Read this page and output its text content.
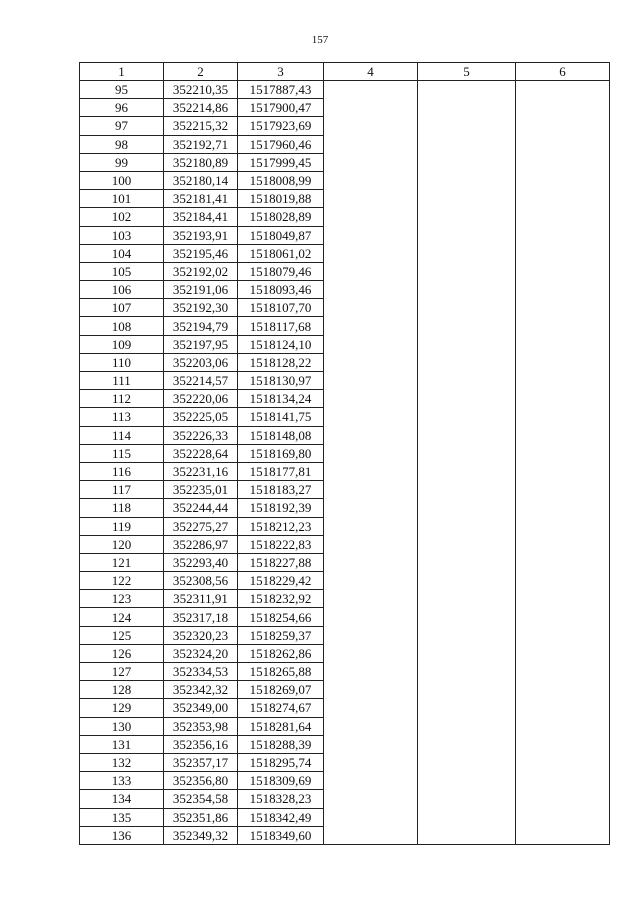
157
1	2	3	4	5	6
95	352210,35	1517887,43			
96	352214,86	1517900,47			
97	352215,32	1517923,69			
98	352192,71	1517960,46			
99	352180,89	1517999,45			
100	352180,14	1518008,99			
101	352181,41	1518019,88			
102	352184,41	1518028,89			
103	352193,91	1518049,87			
104	352195,46	1518061,02			
105	352192,02	1518079,46			
106	352191,06	1518093,46			
107	352192,30	1518107,70			
108	352194,79	1518117,68			
109	352197,95	1518124,10			
110	352203,06	1518128,22			
111	352214,57	1518130,97			
112	352220,06	1518134,24			
113	352225,05	1518141,75			
114	352226,33	1518148,08			
115	352228,64	1518169,80			
116	352231,16	1518177,81			
117	352235,01	1518183,27			
118	352244,44	1518192,39			
119	352275,27	1518212,23			
120	352286,97	1518222,83			
121	352293,40	1518227,88			
122	352308,56	1518229,42			
123	352311,91	1518232,92			
124	352317,18	1518254,66			
125	352320,23	1518259,37			
126	352324,20	1518262,86			
127	352334,53	1518265,88			
128	352342,32	1518269,07			
129	352349,00	1518274,67			
130	352353,98	1518281,64			
131	352356,16	1518288,39			
132	352357,17	1518295,74			
133	352356,80	1518309,69			
134	352354,58	1518328,23			
135	352351,86	1518342,49			
136	352349,32	1518349,60			
